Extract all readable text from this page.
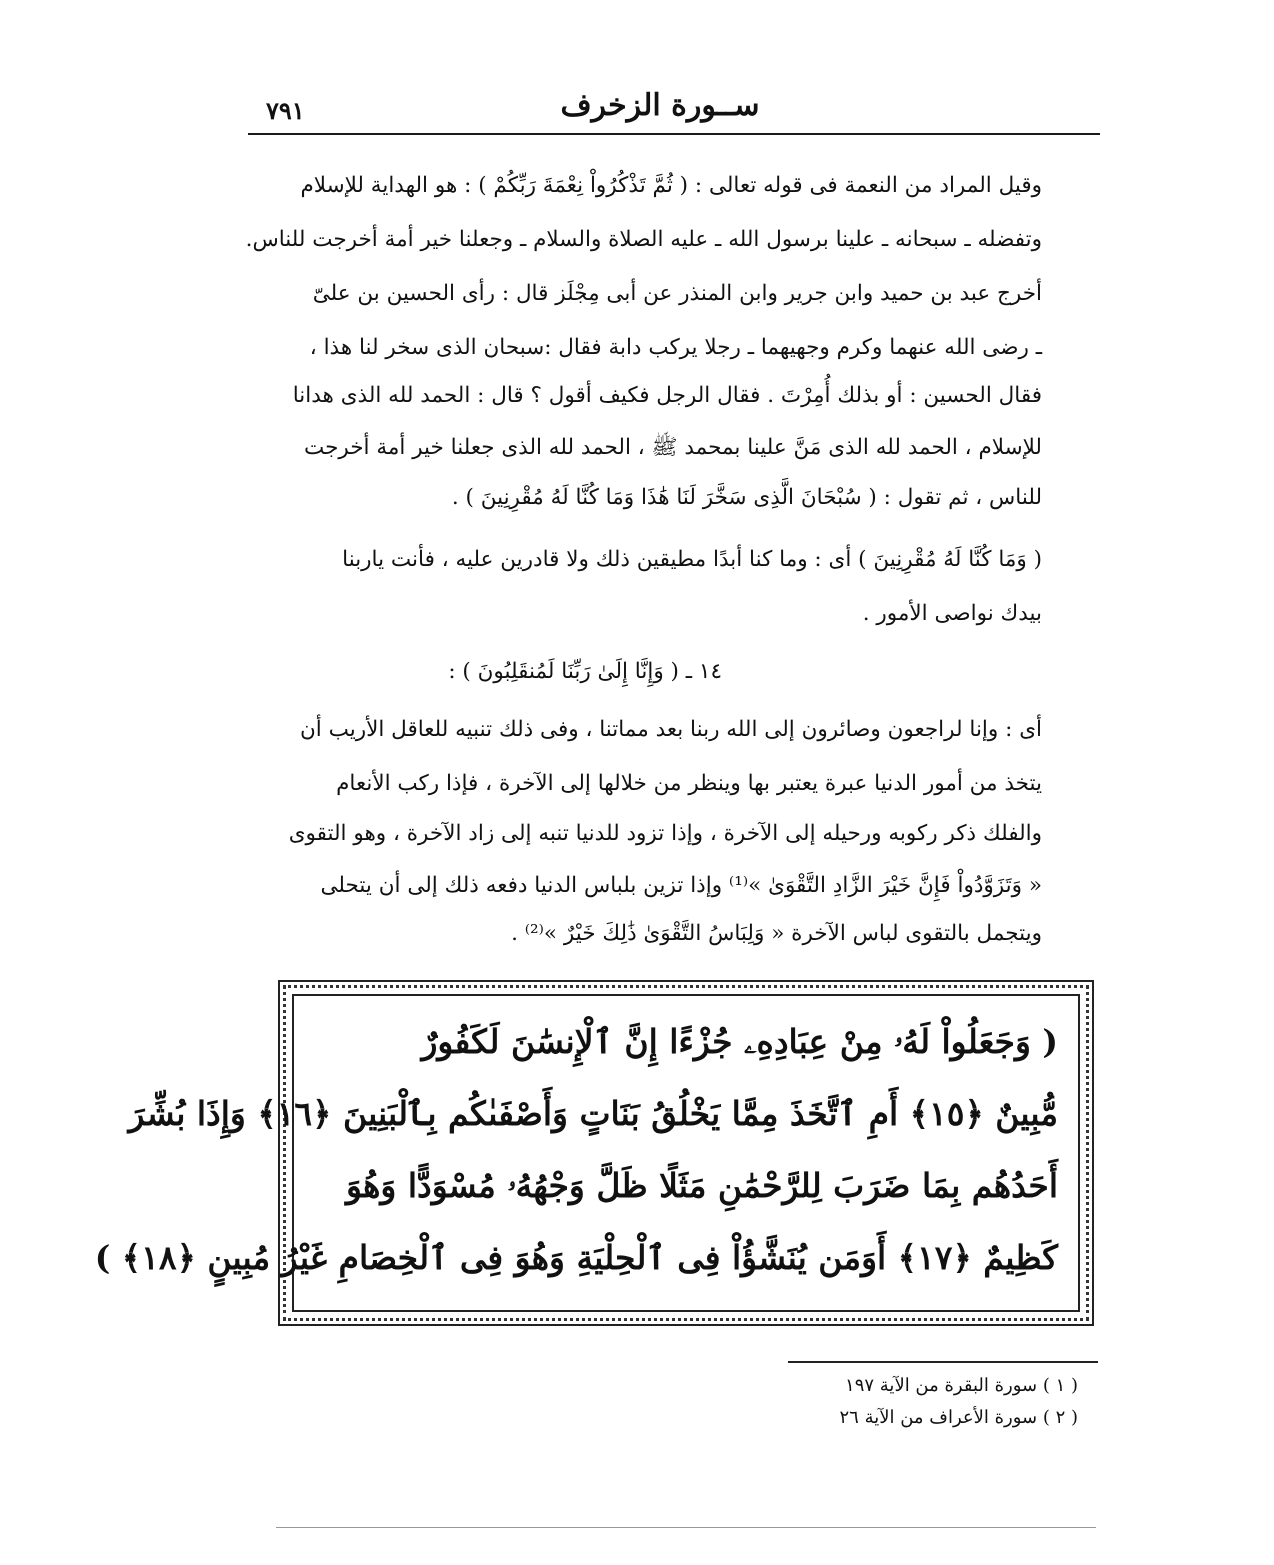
٧٩١	ســورة الزخرف
وقيل المراد من النعمة فى قوله تعالى : ( ثُمَّ تَذْكُرُواْ نِعْمَةَ رَبِّكُمْ ) : هو الهداية للإسلام
وتفضله ـ سبحانه ـ علينا برسول الله ـ عليه الصلاة والسلام ـ وجعلنا خير أمة أخرجت للناس.
أخرج عبد بن حميد وابن جرير وابن المنذر عن أبى مِجْلَز قال : رأى الحسين بن علىّ
ـ رضى الله عنهما وكرم وجهيهما ـ رجلا يركب دابة فقال :سبحان الذى سخر لنا هذا ،
فقال الحسين : أو بذلك أُمِرْتَ . فقال الرجل فكيف أقول ؟ قال : الحمد لله الذى هدانا
للإسلام ، الحمد لله الذى مَنَّ علينا بمحمد ﷺ ، الحمد لله الذى جعلنا خير أمة أخرجت
للناس ، ثم تقول : ( سُبْحَانَ الَّذِى سَخَّرَ لَنَا هَٰذَا وَمَا كُنَّا لَهُ مُقْرِنِينَ ) .
( وَمَا كُنَّا لَهُ مُقْرِنِينَ ) أى : وما كنا أبدًا مطيقين ذلك ولا قادرين عليه ، فأنت ياربنا
بيدك نواصى الأمور .
١٤ ـ ( وَإِنَّا إِلَىٰ رَبِّنَا لَمُنقَلِبُونَ ) :
أى : وإنا لراجعون وصائرون إلى الله ربنا بعد مماتنا ، وفى ذلك تنبيه للعاقل الأريب أن
يتخذ من أمور الدنيا عبرة يعتبر بها وينظر من خلالها إلى الآخرة ، فإذا ركب الأنعام
والفلك ذكر ركوبه ورحيله إلى الآخرة ، وإذا تزود للدنيا تنبه إلى زاد الآخرة ، وهو التقوى
« وَتَزَوَّدُواْ فَإِنَّ خَيْرَ الزَّادِ التَّقْوَىٰ »⁽¹⁾ وإذا تزين بلباس الدنيا دفعه ذلك إلى أن يتحلى
ويتجمل بالتقوى لباس الآخرة « وَلِبَاسُ التَّقْوَىٰ ذَٰلِكَ خَيْرٌ »⁽²⁾ .
( وَجَعَلُواْ لَهُۥ مِنْ عِبَادِهِۦ جُزْءًا إِنَّ ٱلْإِنسَٰنَ لَكَفُورٌ
مُّبِينٌ ﴿١٥﴾ أَمِ ٱتَّخَذَ مِمَّا يَخْلُقُ بَنَاتٍ وَأَصْفَىٰكُم بِٱلْبَنِينَ ﴿١٦﴾ وَإِذَا بُشِّرَ
أَحَدُهُم بِمَا ضَرَبَ لِلرَّحْمَٰنِ مَثَلًا ظَلَّ وَجْهُهُۥ مُسْوَدًّا وَهُوَ
كَظِيمٌ ﴿١٧﴾ أَوَمَن يُنَشَّؤُاْ فِى ٱلْحِلْيَةِ وَهُوَ فِى ٱلْخِصَامِ غَيْرُ مُبِينٍ ﴿١٨﴾ )
( ١ ) سورة البقرة من الآية ١٩٧
( ٢ ) سورة الأعراف من الآية ٢٦
